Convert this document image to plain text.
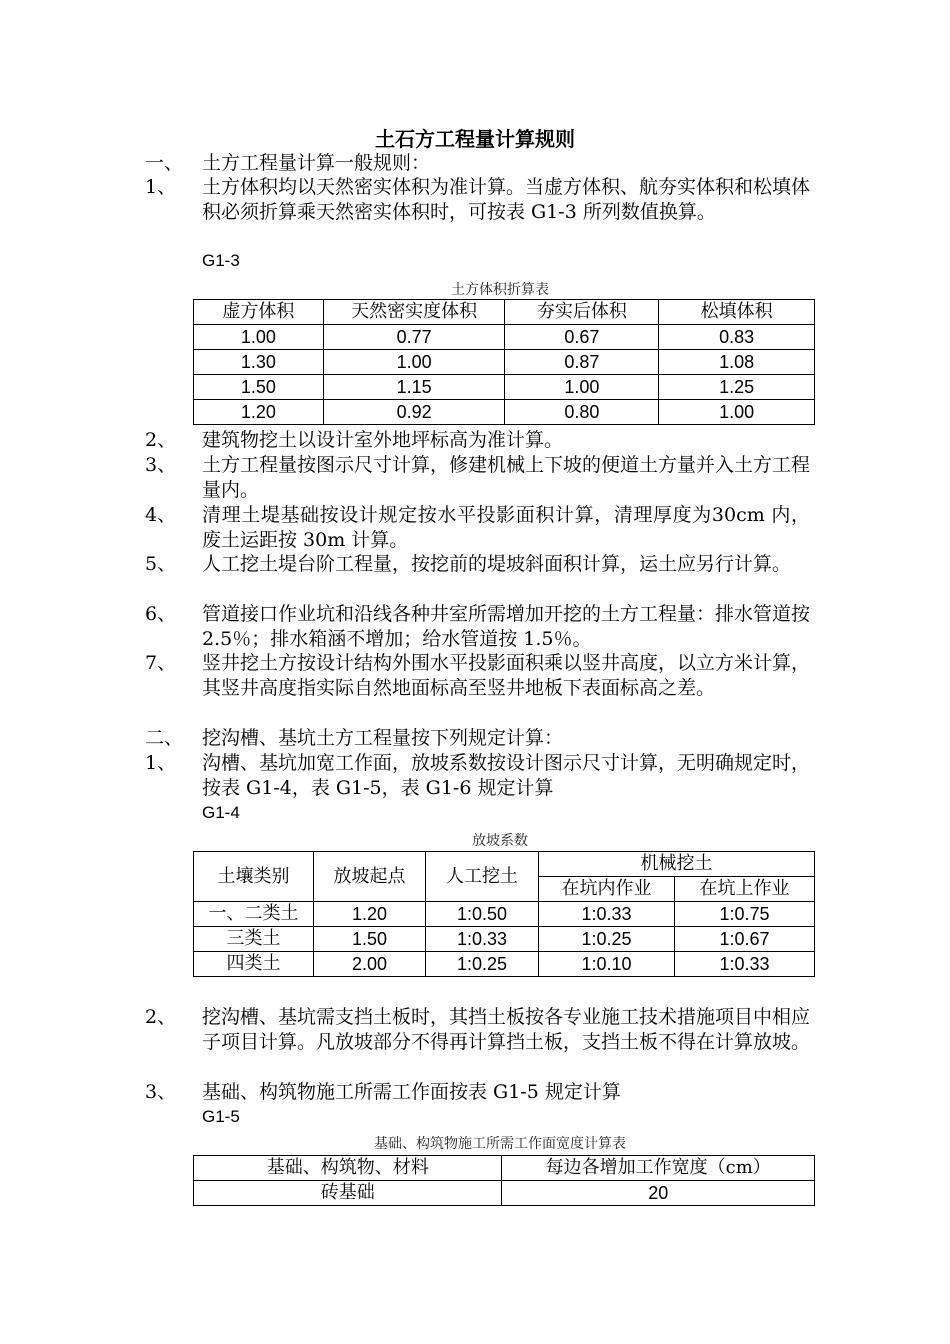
土石方工程量计算规则
一、 土方工程量计算一般规则：
1、	土方体积均以天然密实体积为准计算。当虚方体积、航夯实体积和松填体积必须折算乘天然密实体积时，可按表 G1-3 所列数值换算。
G1-3
土方体积折算表
虚方体积	天然密实度体积	夯实后体积	松填体积
1.00	0.77	0.67	0.83
1.30	1.00	0.87	1.08
1.50	1.15	1.00	1.25
1.20	0.92	0.80	1.00
2、	建筑物挖土以设计室外地坪标高为准计算。
3、	土方工程量按图示尺寸计算，修建机械上下坡的便道土方量并入土方工程量内。
4、	清理土堤基础按设计规定按水平投影面积计算，清理厚度为30cm 内，废土运距按 30m 计算。
5、	人工挖土堤台阶工程量，按挖前的堤坡斜面积计算，运土应另行计算。
6、	管道接口作业坑和沿线各种井室所需增加开挖的土方工程量：排水管道按 2.5％；排水箱涵不增加；给水管道按 1.5％。
7、	竖井挖土方按设计结构外围水平投影面积乘以竖井高度，以立方米计算，其竖井高度指实际自然地面标高至竖井地板下表面标高之差。
二、 挖沟槽、基坑土方工程量按下列规定计算：
1、	沟槽、基坑加宽工作面，放坡系数按设计图示尺寸计算，无明确规定时，按表 G1-4，表 G1-5，表 G1-6 规定计算
G1-4
放坡系数
土壤类别	放坡起点	人工挖土	机械挖土	
			在坑内作业	在坑上作业
一、二类土	1.20	1:0.50	1:0.33	1:0.75
三类土	1.50	1:0.33	1:0.25	1:0.67
四类土	2.00	1:0.25	1:0.10	1:0.33
2、	挖沟槽、基坑需支挡土板时，其挡土板按各专业施工技术措施项目中相应子项目计算。凡放坡部分不得再计算挡土板，支挡土板不得在计算放坡。
3、	基础、构筑物施工所需工作面按表 G1-5 规定计算
G1-5
基础、构筑物施工所需工作面宽度计算表
基础、构筑物、材料	每边各增加工作宽度（cm）
砖基础	20
